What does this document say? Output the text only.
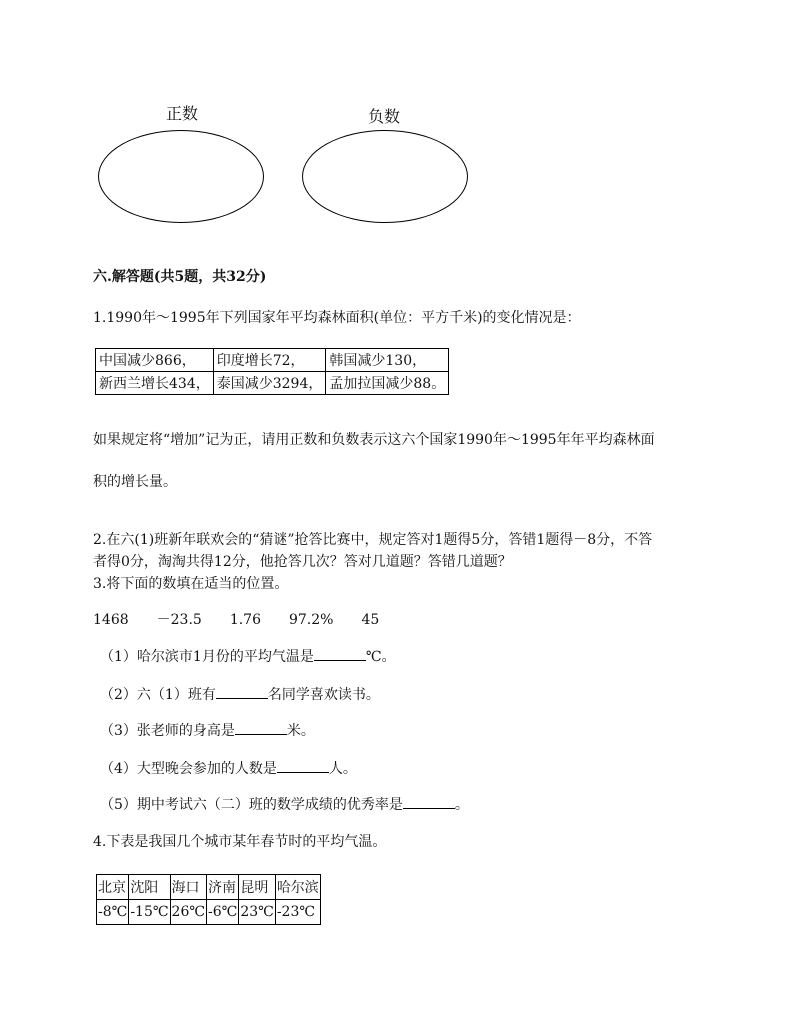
正数	负数
六.解答题(共5题，共32分)
1.1990年～1995年下列国家年平均森林面积(单位：平方千米)的变化情况是：
中国减少866，	印度增长72，	韩国减少130，
新西兰增长434，	泰国减少3294，	孟加拉国减少88。
如果规定将“增加”记为正，请用正数和负数表示这六个国家1990年～1995年年平均森林面
积的增长量。
2.在六(1)班新年联欢会的“猜谜”抢答比赛中，规定答对1题得5分，答错1题得－8分，不答
者得0分，淘淘共得12分，他抢答几次？答对几道题？答错几道题？
3.将下面的数填在适当的位置。
1468 －23.5 1.76 97.2% 45
（1）哈尔滨市1月份的平均气温是	℃。
（2）六（1）班有	名同学喜欢读书。
（3）张老师的身高是	米。
（4）大型晚会参加的人数是	人。
（5）期中考试六（二）班的数学成绩的优秀率是	。
4.下表是我国几个城市某年春节时的平均气温。
北京	沈阳	海口	济南	昆明	哈尔滨
-8℃	-15℃	26℃	-6℃	23℃	-23℃
